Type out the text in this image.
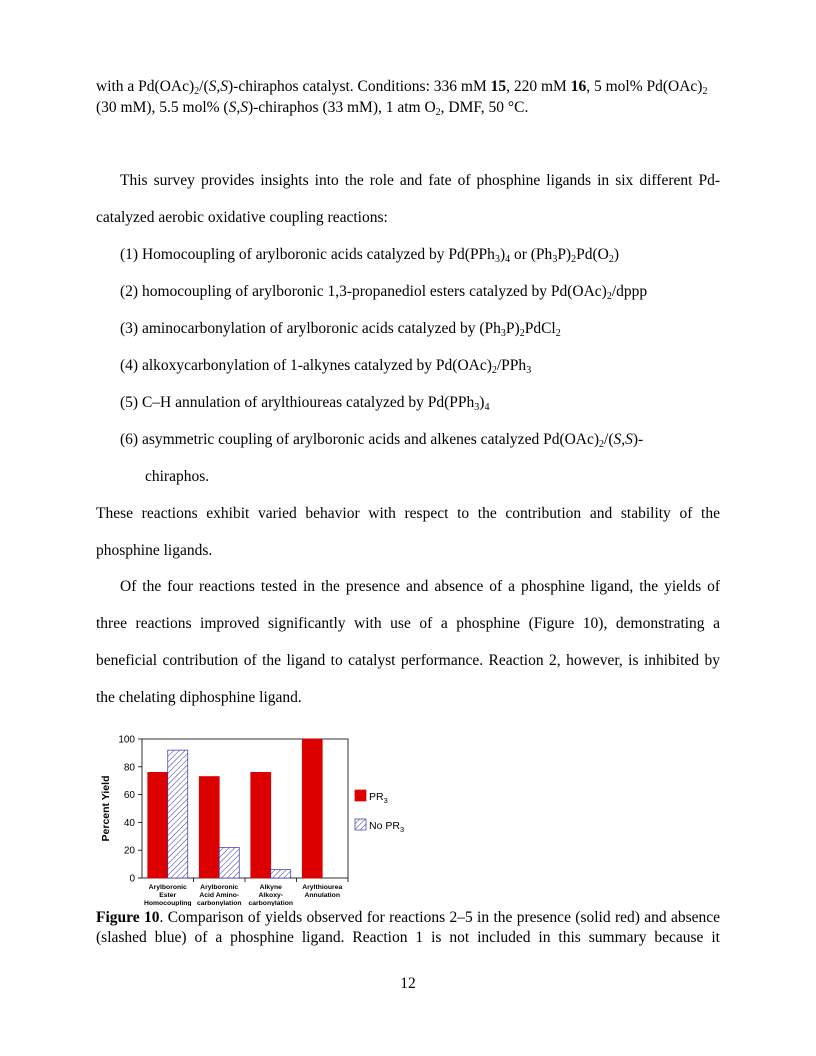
with a $Pd(OAc)_2/(S,S)$-chiraphos catalyst. Conditions: 336 mM 15, 220 mM 16, 5 mol% $Pd(OAc)_2$
(30 mM), 5.5 mol% (S,S)-chiraphos (33 mM), 1 atm $O_2$, DMF, 50 °C.
This survey provides insights into the role and fate of phosphine ligands in six different Pd-
catalyzed aerobic oxidative coupling reactions:
(1) Homocoupling of arylboronic acids catalyzed by $Pd(PPh_3)_4$ or $(Ph_3P)_2Pd(O_2)$
(2) homocoupling of arylboronic 1,3-propanediol esters catalyzed by $Pd(OAc)_2$/dppp
(3) aminocarbonylation of arylboronic acids catalyzed by $(Ph_3P)_2PdCl_2$
(4) alkoxycarbonylation of 1-alkynes catalyzed by $Pd(OAc)_2/PPh_3$
(5) C–H annulation of arylthioureas catalyzed by $Pd(PPh_3)_4$
(6) asymmetric coupling of arylboronic acids and alkenes catalyzed $Pd(OAc)_2/(S,S)-$
chiraphos.
These reactions exhibit varied behavior with respect to the contribution and stability of the
phosphine ligands.
Of the four reactions tested in the presence and absence of a phosphine ligand, the yields of
three reactions improved significantly with use of a phosphine (Figure 10), demonstrating a
beneficial contribution of the ligand to catalyst performance. Reaction 2, however, is inhibited by
the chelating diphosphine ligand.
0
20
40
60
80
100
Percent Yield
Arylboronic
Ester
Homocoupling
Arylboronic
Acid Amino-
carbonylation
Alkyne
Alkoxy-
carbonylation
Arylthiourea
Annulation
$PR_3$
No $PR_3$
Figure 10. Comparison of yields observed for reactions 2–5 in the presence (solid red) and absence
(slashed blue) of a phosphine ligand. Reaction 1 is not included in this summary because it
12
